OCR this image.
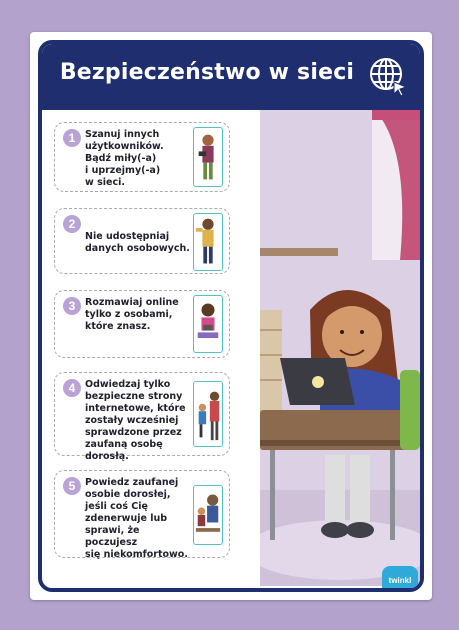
Bezpieczeństwo w sieci
1	Szanuj innych
użytkowników.
Bądź miły(-a)
i uprzejmy(-a)
w sieci.
2
Nie udostępniaj
danych osobowych.
3	Rozmawiaj online
tylko z osobami,
które znasz.
4	Odwiedzaj tylko
bezpieczne strony
internetowe, które
zostały wcześniej
sprawdzone przez
zaufaną osobę dorosłą.
5	Powiedz zaufanej
osobie dorosłej,
jeśli coś Cię
zdenerwuje lub
sprawi, że poczujesz
się niekomfortowo.
twinkl
